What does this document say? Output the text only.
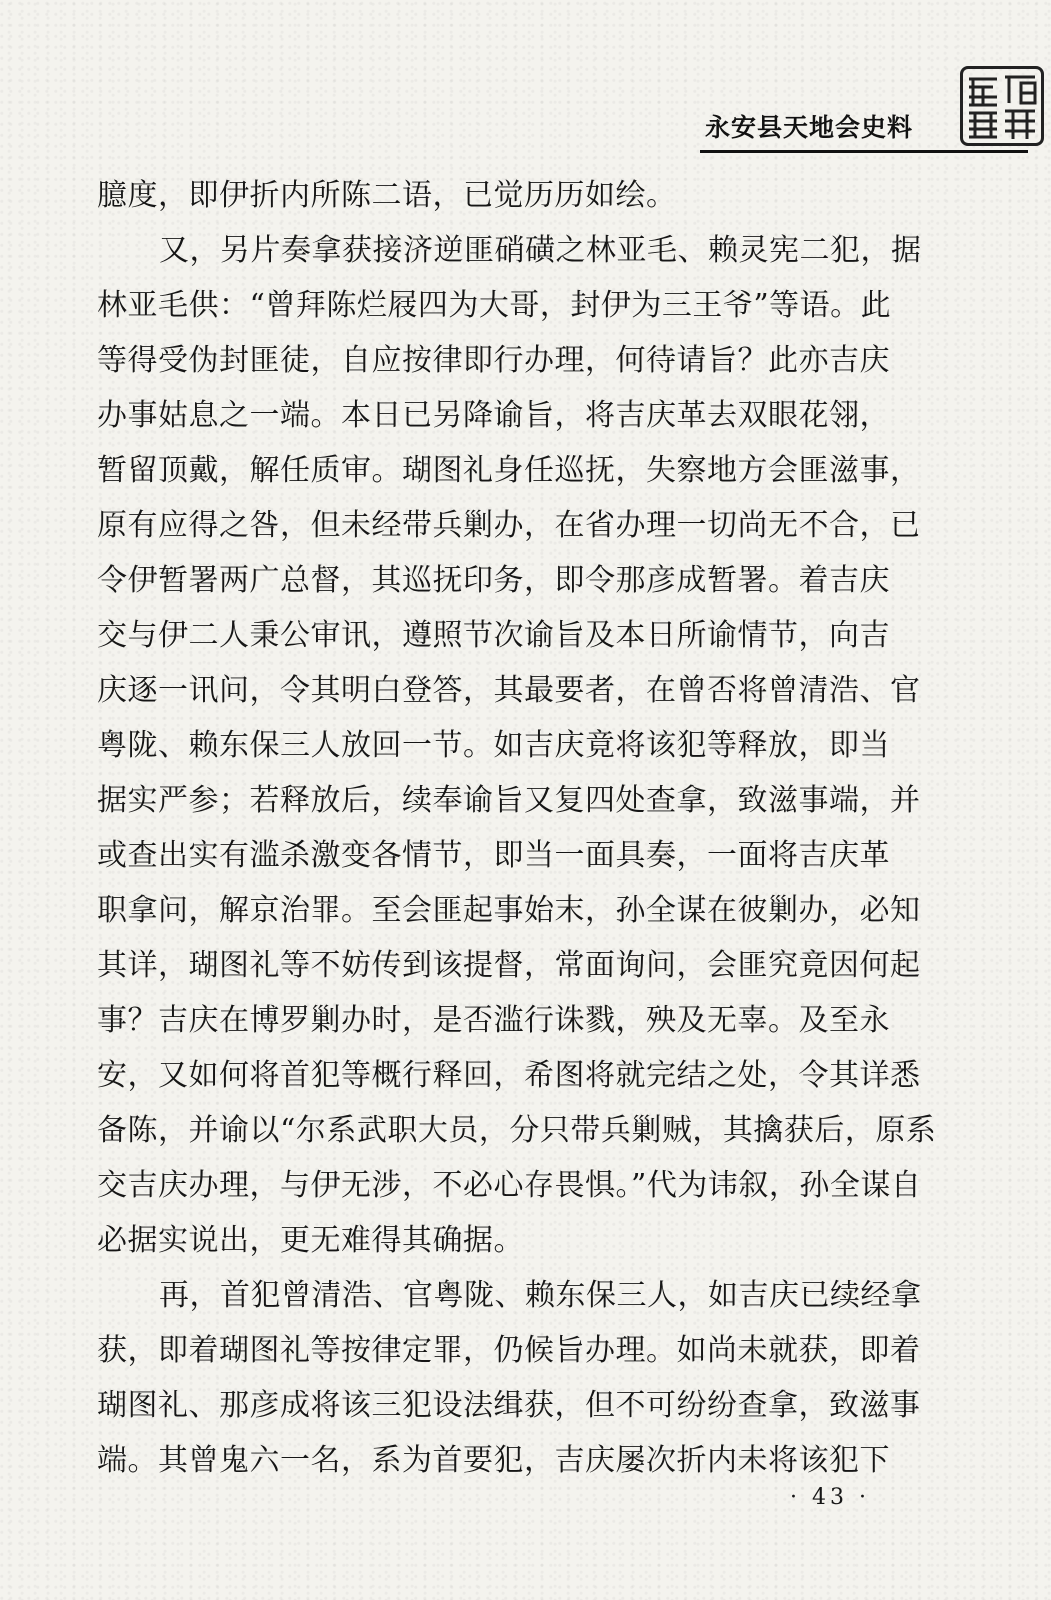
永安县天地会史料
臆度，即伊折内所陈二语，已觉历历如绘。
又，另片奏拿获接济逆匪硝磺之林亚毛、赖灵宪二犯，据
林亚毛供：“曾拜陈烂屐四为大哥，封伊为三王爷”等语。此
等得受伪封匪徒，自应按律即行办理，何待请旨？此亦吉庆
办事姑息之一端。本日已另降谕旨，将吉庆革去双眼花翎，
暂留顶戴，解任质审。瑚图礼身任巡抚，失察地方会匪滋事，
原有应得之咎，但未经带兵剿办，在省办理一切尚无不合，已
令伊暂署两广总督，其巡抚印务，即令那彦成暂署。着吉庆
交与伊二人秉公审讯，遵照节次谕旨及本日所谕情节，向吉
庆逐一讯问，令其明白登答，其最要者，在曾否将曾清浩、官
粤陇、赖东保三人放回一节。如吉庆竟将该犯等释放，即当
据实严参；若释放后，续奉谕旨又复四处查拿，致滋事端，并
或查出实有滥杀激变各情节，即当一面具奏，一面将吉庆革
职拿问，解京治罪。至会匪起事始末，孙全谋在彼剿办，必知
其详，瑚图礼等不妨传到该提督，常面询问，会匪究竟因何起
事？吉庆在博罗剿办时，是否滥行诛戮，殃及无辜。及至永
安，又如何将首犯等概行释回，希图将就完结之处，令其详悉
备陈，并谕以“尔系武职大员，分只带兵剿贼，其擒获后，原系
交吉庆办理，与伊无涉，不必心存畏惧。”代为讳叙，孙全谋自
必据实说出，更无难得其确据。
再，首犯曾清浩、官粤陇、赖东保三人，如吉庆已续经拿
获，即着瑚图礼等按律定罪，仍候旨办理。如尚未就获，即着
瑚图礼、那彦成将该三犯设法缉获，但不可纷纷查拿，致滋事
端。其曾鬼六一名，系为首要犯，吉庆屡次折内未将该犯下
· 43 ·
